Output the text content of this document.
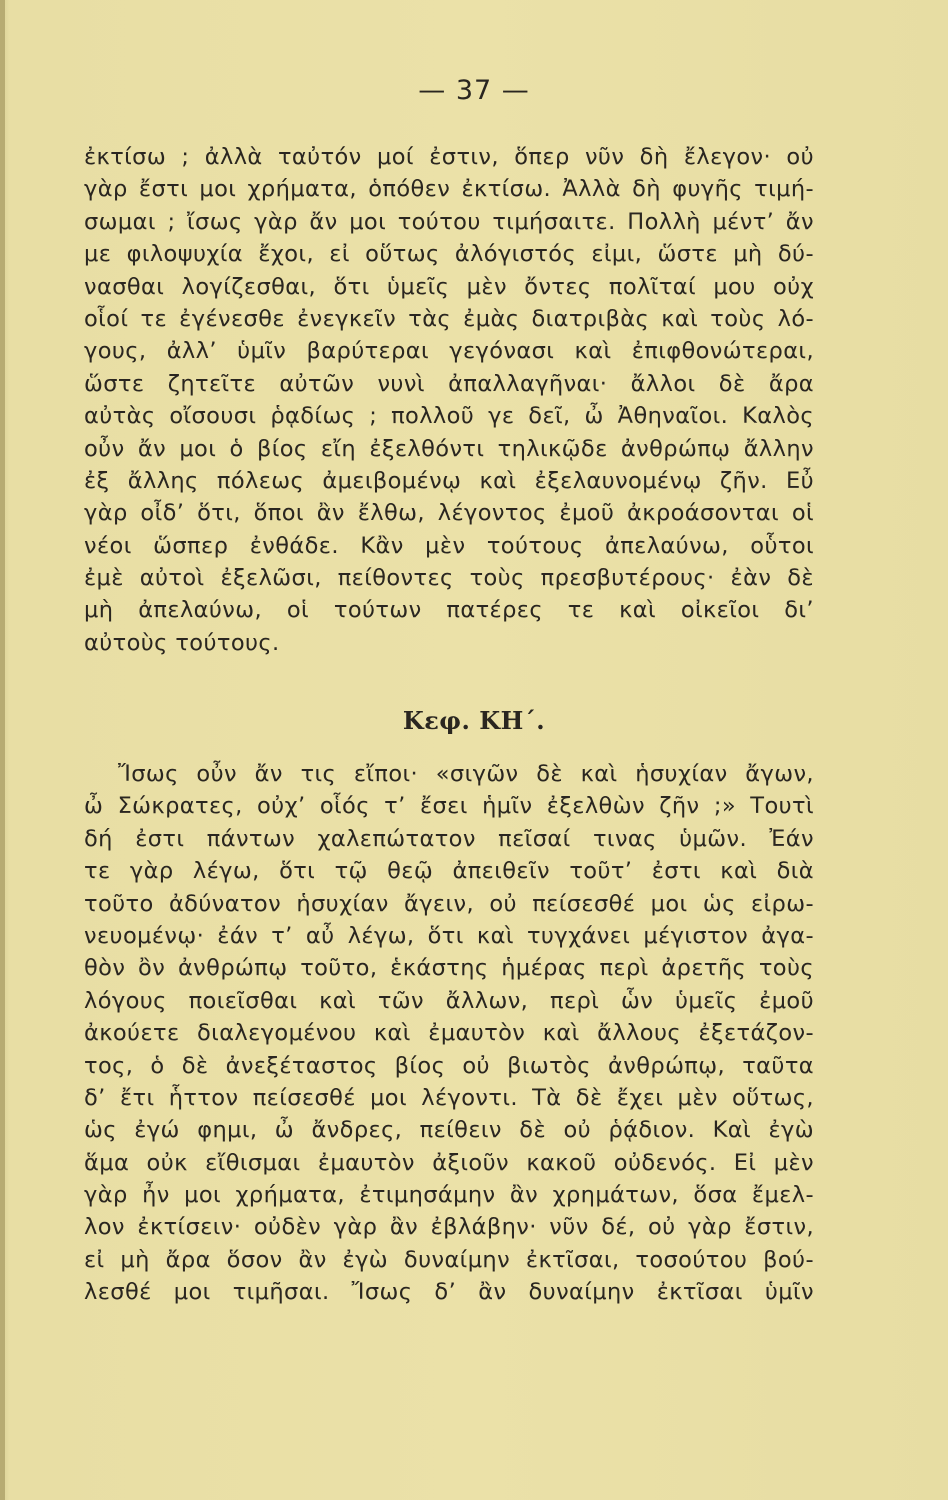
— 37 —
ἐκτίσω ; ἀλλὰ ταὐτόν μοί ἐστιν, ὅπερ νῦν δὴ ἔλεγον· οὐ
γὰρ ἔστι μοι χρήματα, ὁπόθεν ἐκτίσω. Ἀλλὰ δὴ φυγῆς τιμή-
σωμαι ; ἴσως γὰρ ἄν μοι τούτου τιμήσαιτε. Πολλὴ μέντ’ ἄν
με φιλοψυχία ἔχοι, εἰ οὕτως ἀλόγιστός εἰμι, ὥστε μὴ δύ-
νασθαι λογίζεσθαι, ὅτι ὑμεῖς μὲν ὄντες πολῖταί μου οὐχ
οἷοί τε ἐγένεσθε ἐνεγκεῖν τὰς ἐμὰς διατριβὰς καὶ τοὺς λό-
γους, ἀλλ’ ὑμῖν βαρύτεραι γεγόνασι καὶ ἐπιφθονώτεραι,
ὥστε ζητεῖτε αὐτῶν νυνὶ ἀπαλλαγῆναι· ἄλλοι δὲ ἄρα
αὐτὰς οἴσουσι ῥᾳδίως ; πολλοῦ γε δεῖ, ὦ Ἀθηναῖοι. Καλὸς
οὖν ἄν μοι ὁ βίος εἴη ἐξελθόντι τηλικῷδε ἀνθρώπῳ ἄλλην
ἐξ ἄλλης πόλεως ἀμειβομένῳ καὶ ἐξελαυνομένῳ ζῆν. Εὖ
γὰρ οἶδ’ ὅτι, ὅποι ἂν ἔλθω, λέγοντος ἐμοῦ ἀκροάσονται οἱ
νέοι ὥσπερ ἐνθάδε. Κἂν μὲν τούτους ἀπελαύνω, οὗτοι
ἐμὲ αὐτοὶ ἐξελῶσι, πείθοντες τοὺς πρεσβυτέρους· ἐὰν δὲ
μὴ ἀπελαύνω, οἱ τούτων πατέρες τε καὶ οἰκεῖοι δι’
αὐτοὺς τούτους.
Κεφ. ΚΗ΄.
Ἴσως οὖν ἄν τις εἴποι· «σιγῶν δὲ καὶ ἡσυχίαν ἄγων,
ὦ Σώκρατες, οὐχ’ οἷός τ’ ἔσει ἡμῖν ἐξελθὼν ζῆν ;» Τουτὶ
δή ἐστι πάντων χαλεπώτατον πεῖσαί τινας ὑμῶν. Ἐάν
τε γὰρ λέγω, ὅτι τῷ θεῷ ἀπειθεῖν τοῦτ’ ἐστι καὶ διὰ
τοῦτο ἀδύνατον ἡσυχίαν ἄγειν, οὐ πείσεσθέ μοι ὡς εἰρω-
νευομένῳ· ἐάν τ’ αὖ λέγω, ὅτι καὶ τυγχάνει μέγιστον ἀγα-
θὸν ὂν ἀνθρώπῳ τοῦτο, ἑκάστης ἡμέρας περὶ ἀρετῆς τοὺς
λόγους ποιεῖσθαι καὶ τῶν ἄλλων, περὶ ὧν ὑμεῖς ἐμοῦ
ἀκούετε διαλεγομένου καὶ ἐμαυτὸν καὶ ἄλλους ἐξετάζον-
τος, ὁ δὲ ἀνεξέταστος βίος οὐ βιωτὸς ἀνθρώπῳ, ταῦτα
δ’ ἔτι ἧττον πείσεσθέ μοι λέγοντι. Τὰ δὲ ἔχει μὲν οὕτως,
ὡς ἐγώ φημι, ὦ ἄνδρες, πείθειν δὲ οὐ ῥᾴδιον. Καὶ ἐγὼ
ἅμα οὐκ εἴθισμαι ἐμαυτὸν ἀξιοῦν κακοῦ οὐδενός. Εἰ μὲν
γὰρ ἦν μοι χρήματα, ἐτιμησάμην ἂν χρημάτων, ὅσα ἔμελ-
λον ἐκτίσειν· οὐδὲν γὰρ ἂν ἐβλάβην· νῦν δέ, οὐ γὰρ ἔστιν,
εἰ μὴ ἄρα ὅσον ἂν ἐγὼ δυναίμην ἐκτῖσαι, τοσούτου βού-
λεσθέ μοι τιμῆσαι. Ἴσως δ’ ἂν δυναίμην ἐκτῖσαι ὑμῖν
